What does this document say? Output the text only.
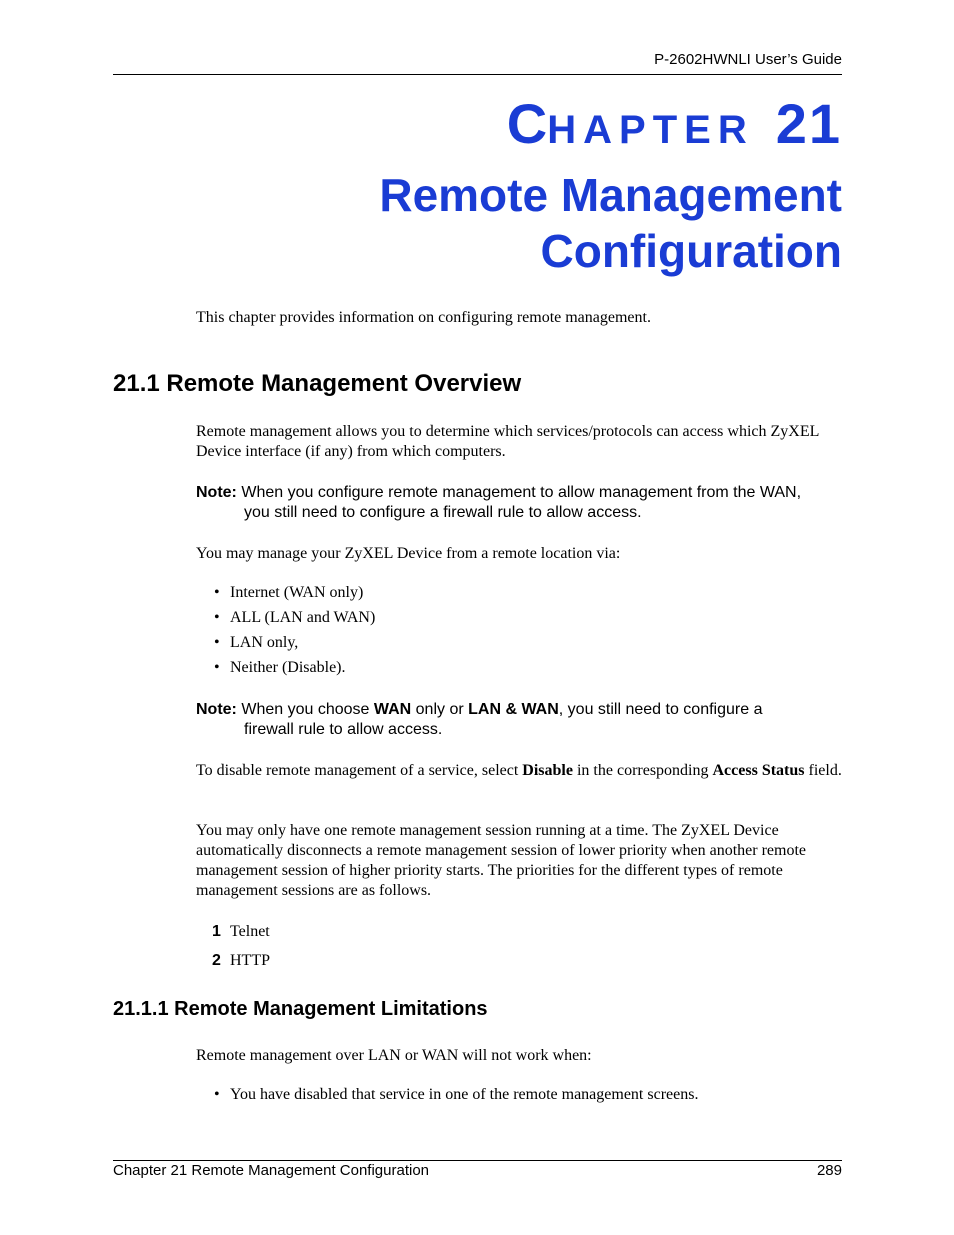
P-2602HWNLI User’s Guide
CHAPTER 21
Remote Management
Configuration
This chapter provides information on configuring remote management.
21.1 Remote Management Overview
Remote management allows you to determine which services/protocols can access which ZyXEL Device interface (if any) from which computers.
Note: When you configure remote management to allow management from the WAN,
you still need to configure a firewall rule to allow access.
You may manage your ZyXEL Device from a remote location via:
• Internet (WAN only)
• ALL (LAN and WAN)
• LAN only,
• Neither (Disable).
Note: When you choose WAN only or LAN & WAN, you still need to configure a
firewall rule to allow access.
To disable remote management of a service, select Disable in the corresponding Access Status field.
You may only have one remote management session running at a time. The ZyXEL Device automatically disconnects a remote management session of lower priority when another remote management session of higher priority starts. The priorities for the different types of remote management sessions are as follows.
1 Telnet
2 HTTP
21.1.1 Remote Management Limitations
Remote management over LAN or WAN will not work when:
• You have disabled that service in one of the remote management screens.
Chapter 21 Remote Management Configuration	289
